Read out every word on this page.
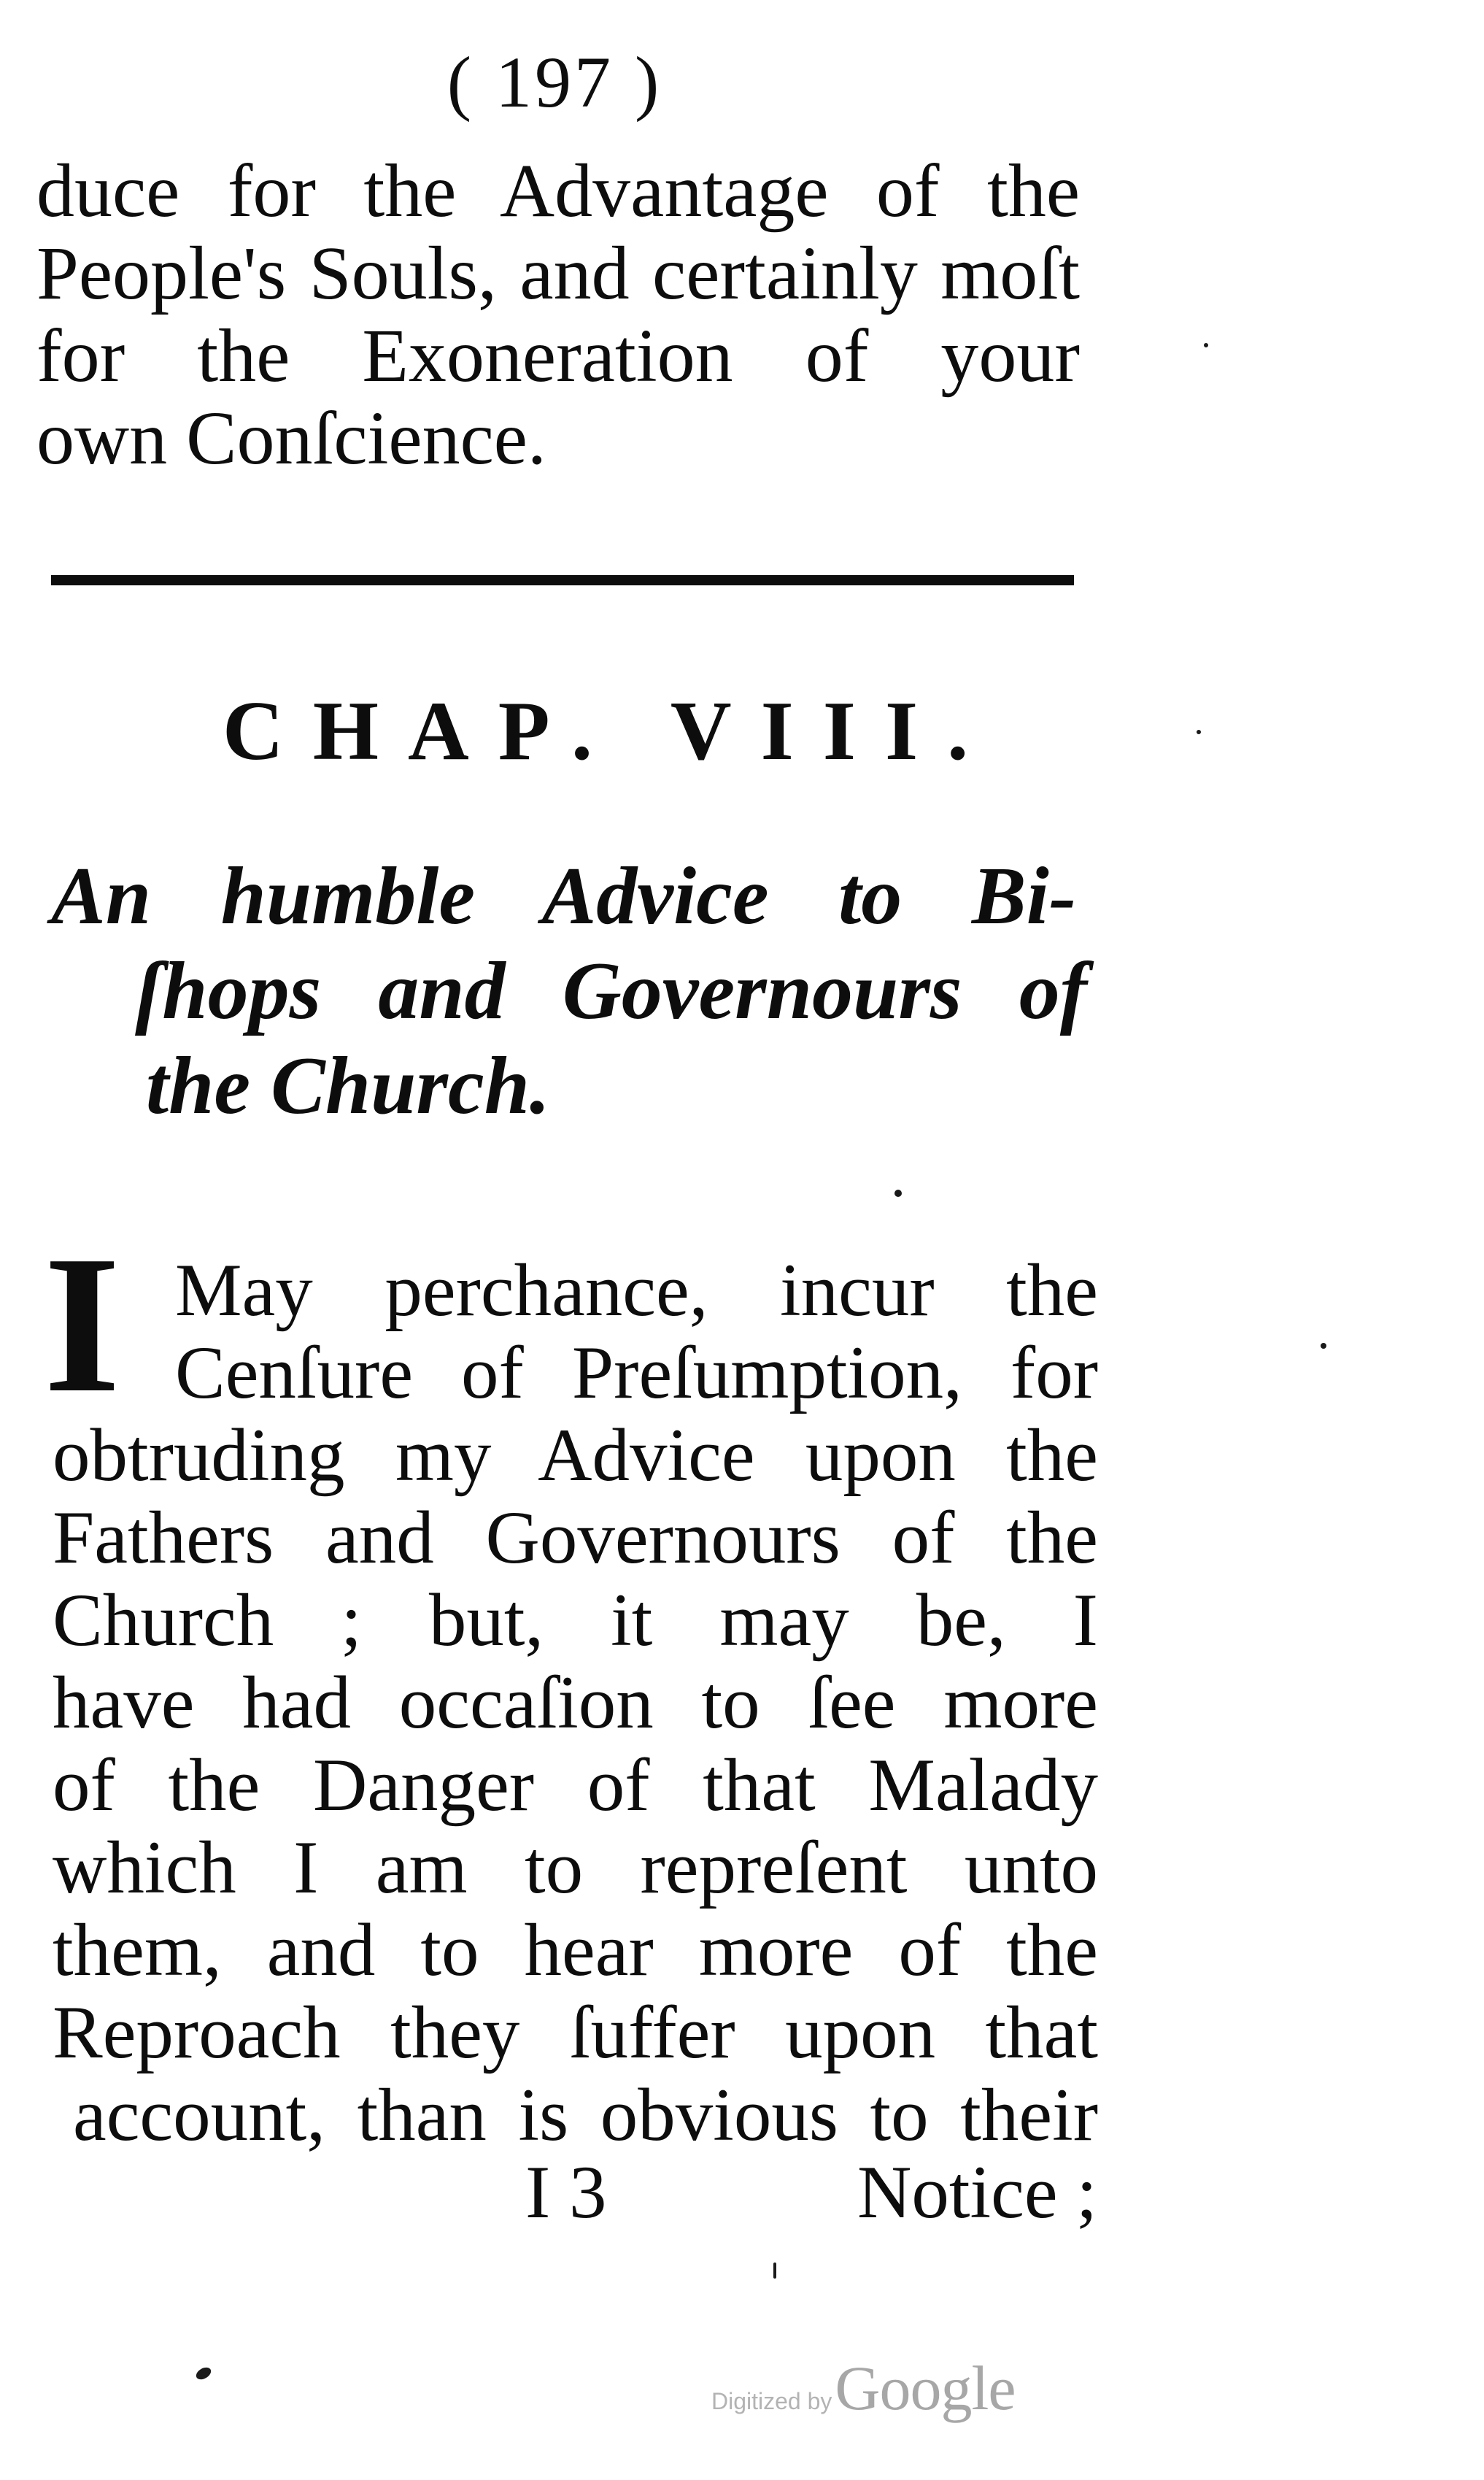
( 197 )
duce for the Advantage of the
People's Souls, and certainly moſt
for the Exoneration of your
own Conſcience.
CHAP. VIII.
An humble Advice to Bi-
ſhops and Governours of
the Church.
I May perchance, incur the
Cenſure of Preſumption, for
obtruding my Advice upon the
Fathers and Governours of the
Church ; but, it may be, I
have had occaſion to ſee more
of the Danger of that Malady
which I am to repreſent unto
them, and to hear more of the
Reproach they ſuffer upon that
account, than is obvious to their
I 3	Notice ;
Digitized by Google
